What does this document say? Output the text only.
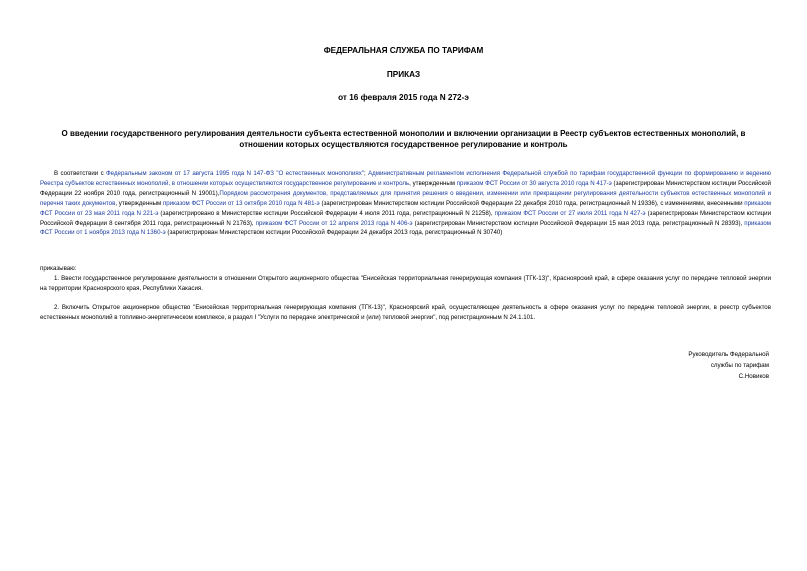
ФЕДЕРАЛЬНАЯ СЛУЖБА ПО ТАРИФАМ
ПРИКАЗ
от 16 февраля 2015 года N 272-э
О введении государственного регулирования деятельности субъекта естественной монополии и включении организации в Реестр субъектов естественных монополий, в отношении которых осуществляются государственное регулирование и контроль
В соответствии с Федеральным законом от 17 августа 1995 года N 147-ФЗ "О естественных монополиях"; Административным регламентом исполнения Федеральной службой по тарифам государственной функции по формированию и ведению Реестра субъектов естественных монополий, в отношении которых осуществляются государственное регулирование и контроль, утвержденным приказом ФСТ России от 30 августа 2010 года N 417-э (зарегистрирован Министерством юстиции Российской Федерации 22 ноября 2010 года, регистрационный N 19001),Порядком рассмотрения документов, представляемых для принятия решения о введении, изменении или прекращении регулирования деятельности субъектов естественных монополий и перечня таких документов, утвержденным приказом ФСТ России от 13 октября 2010 года N 481-э (зарегистрирован Министерством юстиции Российской Федерации 22 декабря 2010 года, регистрационный N 19336), с изменениями, внесенными приказом ФСТ России от 23 мая 2011 года N 221-э (зарегистрировано в Министерстве юстиции Российской Федерации 4 июля 2011 года, регистрационный N 21258), приказом ФСТ России от 27 июля 2011 года N 427-э (зарегистрирован Министерством юстиции Российской Федерации 8 сентября 2011 года, регистрационный N 21763), приказом ФСТ России от 12 апреля 2013 года N 406-э (зарегистрирован Министерством юстиции Российской Федерации 15 мая 2013 года, регистрационный N 28393), приказом ФСТ России от 1 ноября 2013 года N 1360-э (зарегистрирован Министерством юстиции Российской Федерации 24 декабря 2013 года, регистрационный N 30740)
приказываю:
1. Ввести государственное регулирование деятельности в отношении Открытого акционерного общества "Енисейская территориальная генерирующая компания (ТГК-13)", Красноярский край, в сфере оказания услуг по передаче тепловой энергии на территории Красноярского края, Республики Хакасия.
2. Включить Открытое акционерное общество "Енисейская территориальная генерирующая компания (ТГК-13)", Красноярский край, осуществляющее деятельность в сфере оказания услуг по передаче тепловой энергии, в реестр субъектов естественных монополий в топливно-энергетическом комплексе, в раздел I "Услуги по передаче электрической и (или) тепловой энергии", под регистрационным N 24.1.101.
Руководитель Федеральной
службы по тарифам
С.Новиков
